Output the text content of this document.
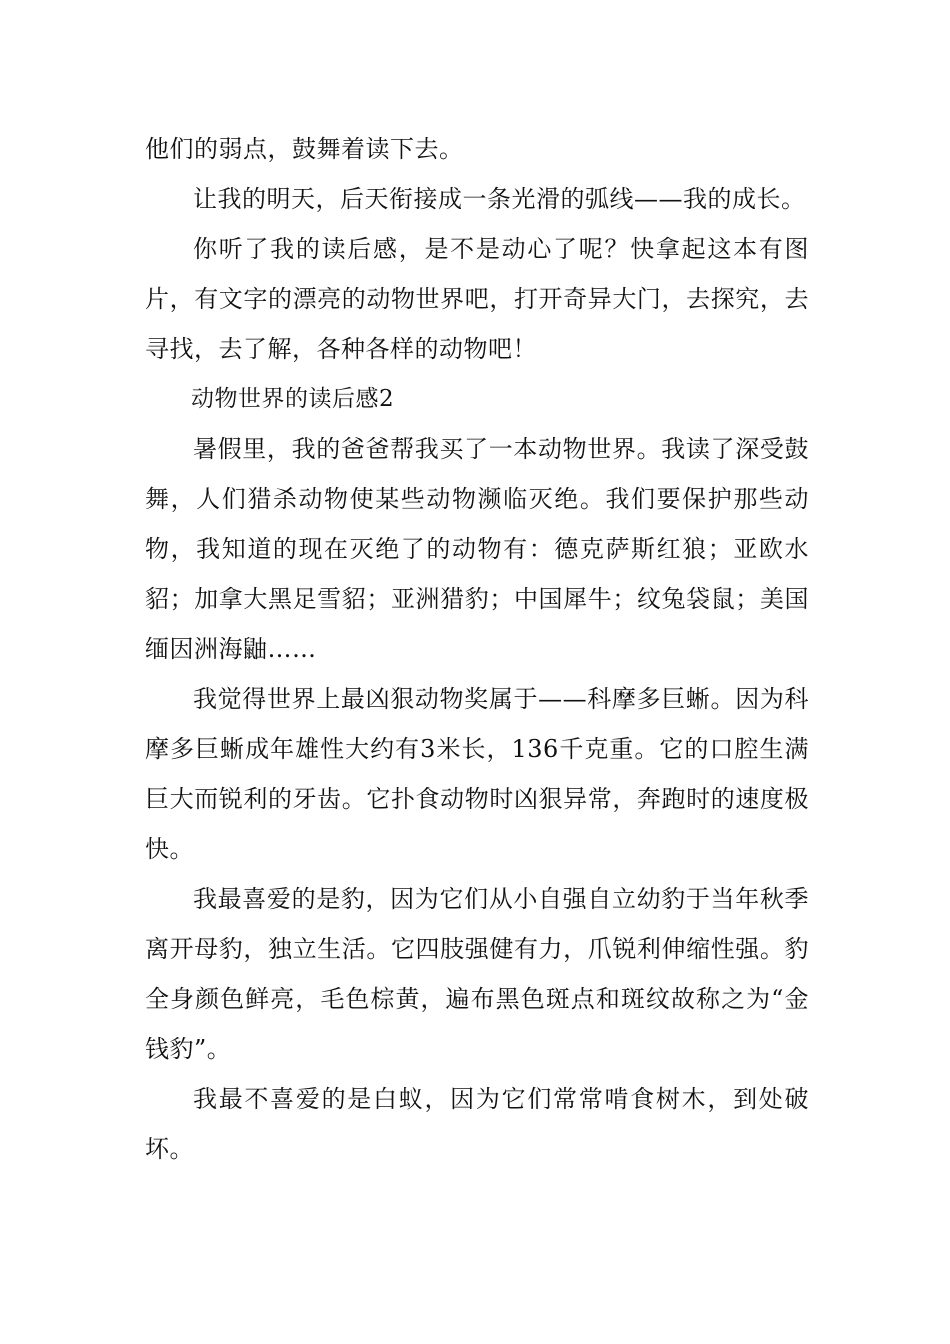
他们的弱点，鼓舞着读下去。

让我的明天，后天衔接成一条光滑的弧线——我的成长。

你听了我的读后感，是不是动心了呢？快拿起这本有图片，有文字的漂亮的动物世界吧，打开奇异大门，去探究，去寻找，去了解，各种各样的动物吧！

动物世界的读后感2

暑假里，我的爸爸帮我买了一本动物世界。我读了深受鼓舞，人们猎杀动物使某些动物濒临灭绝。我们要保护那些动物，我知道的现在灭绝了的动物有：德克萨斯红狼；亚欧水貂；加拿大黑足雪貂；亚洲猎豹；中国犀牛；纹兔袋鼠；美国缅因洲海鼬……

我觉得世界上最凶狠动物奖属于——科摩多巨蜥。因为科摩多巨蜥成年雄性大约有3米长，136千克重。它的口腔生满巨大而锐利的牙齿。它扑食动物时凶狠异常，奔跑时的速度极快。

我最喜爱的是豹，因为它们从小自强自立幼豹于当年秋季离开母豹，独立生活。它四肢强健有力，爪锐利伸缩性强。豹全身颜色鲜亮，毛色棕黄，遍布黑色斑点和斑纹故称之为“金钱豹”。

我最不喜爱的是白蚁，因为它们常常啃食树木，到处破坏。
